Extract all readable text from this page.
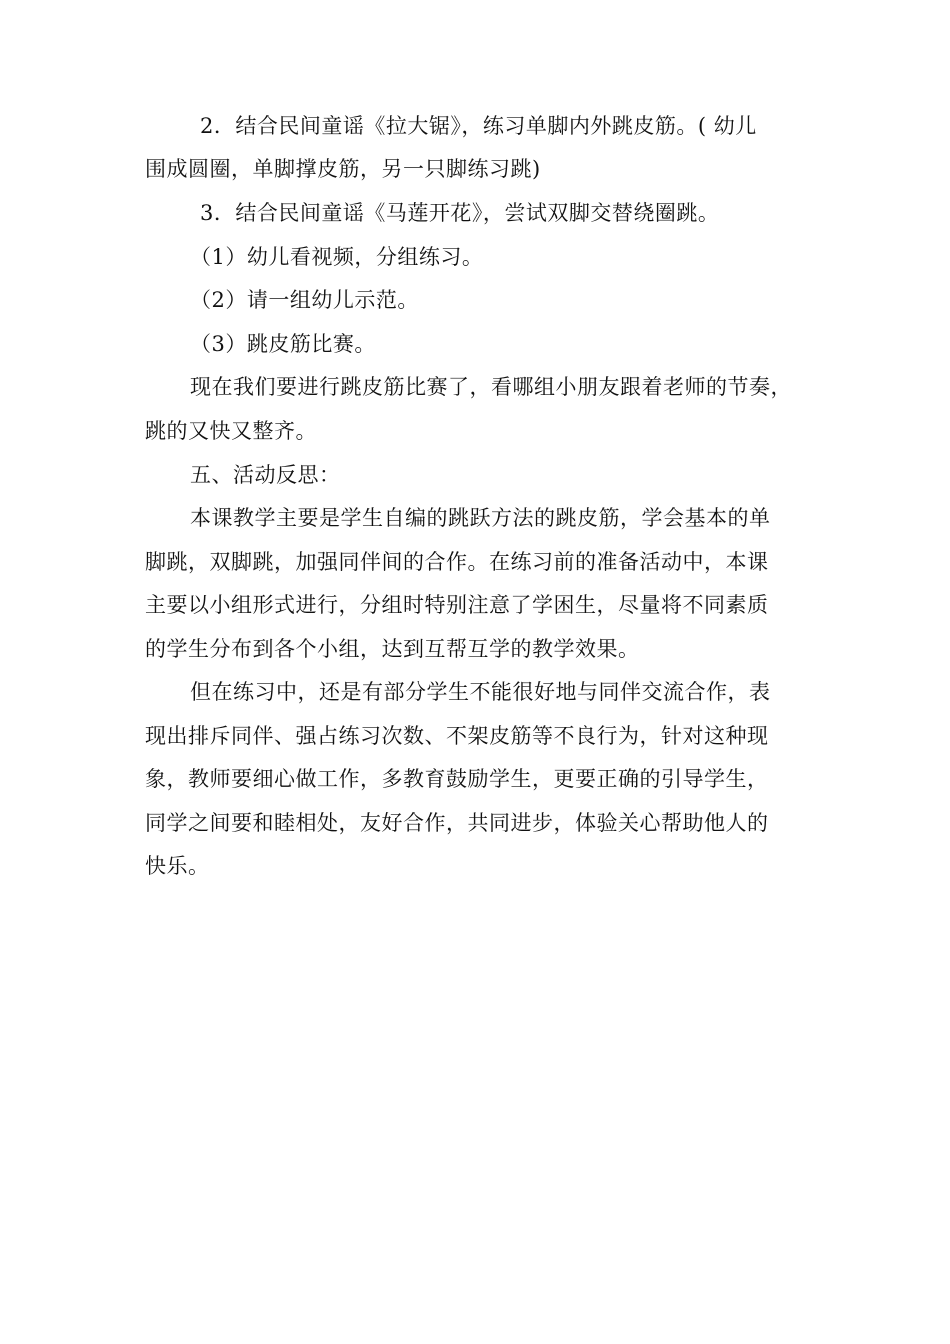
2．结合民间童谣《拉大锯》，练习单脚内外跳皮筋。( 幼儿
围成圆圈，单脚撑皮筋，另一只脚练习跳)
3．结合民间童谣《马莲开花》，尝试双脚交替绕圈跳。
（1）幼儿看视频，分组练习。
（2）请一组幼儿示范。
（3）跳皮筋比赛。
现在我们要进行跳皮筋比赛了，看哪组小朋友跟着老师的节奏，
跳的又快又整齐。
五、活动反思：
本课教学主要是学生自编的跳跃方法的跳皮筋，学会基本的单
脚跳，双脚跳，加强同伴间的合作。在练习前的准备活动中，本课
主要以小组形式进行，分组时特别注意了学困生，尽量将不同素质
的学生分布到各个小组，达到互帮互学的教学效果。
但在练习中，还是有部分学生不能很好地与同伴交流合作，表
现出排斥同伴、强占练习次数、不架皮筋等不良行为，针对这种现
象，教师要细心做工作，多教育鼓励学生，更要正确的引导学生，
同学之间要和睦相处，友好合作，共同进步，体验关心帮助他人的
快乐。
